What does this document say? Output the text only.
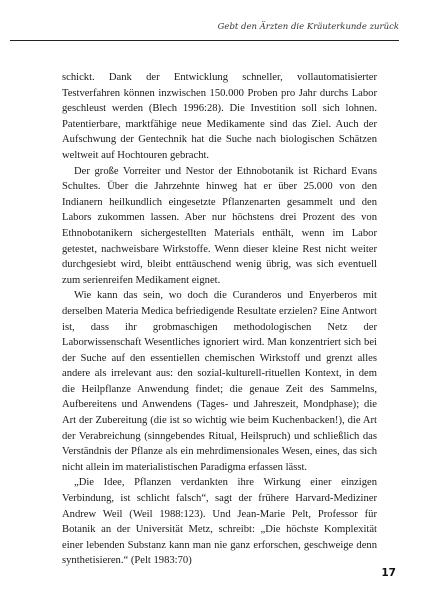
Gebt den Ärzten die Kräuterkunde zurück

schickt. Dank der Entwicklung schneller, vollautomatisierter Testverfahren können inzwischen 150.000 Proben pro Jahr durchs Labor geschleust werden (Blech 1996:28). Die Investition soll sich lohnen. Patentierbare, marktfähige neue Medikamente sind das Ziel. Auch der Aufschwung der Gentechnik hat die Suche nach biologischen Schätzen weltweit auf Hochtouren gebracht.

Der große Vorreiter und Nestor der Ethnobotanik ist Richard Evans Schultes. Über die Jahrzehnte hinweg hat er über 25.000 von den Indianern heilkundlich eingesetzte Pflanzenarten gesammelt und den Labors zukommen lassen. Aber nur höchstens drei Prozent des von Ethnobotanikern sichergestellten Materials enthält, wenn im Labor getestet, nachweisbare Wirkstoffe. Wenn dieser kleine Rest nicht weiter durchgesiebt wird, bleibt enttäuschend wenig übrig, was sich eventuell zum serienreifen Medikament eignet.

Wie kann das sein, wo doch die Curanderos und Enyerberos mit derselben Materia Medica befriedigende Resultate erzielen? Eine Antwort ist, dass ihr grobmaschigen methodologischen Netz der Laborwissenschaft Wesentliches ignoriert wird. Man konzentriert sich bei der Suche auf den essentiellen chemischen Wirkstoff und grenzt alles andere als irrelevant aus: den sozial-kulturell-rituellen Kontext, in dem die Heilpflanze Anwendung findet; die genaue Zeit des Sammelns, Aufbereitens und Anwendens (Tages- und Jahreszeit, Mondphase); die Art der Zubereitung (die ist so wichtig wie beim Kuchenbacken!), die Art der Verabreichung (sinngebendes Ritual, Heilspruch) und schließlich das Verständnis der Pflanze als ein mehrdimensionales Wesen, eines, das sich nicht allein im materialistischen Paradigma erfassen lässt.

„Die Idee, Pflanzen verdankten ihre Wirkung einer einzigen Verbindung, ist schlicht falsch“, sagt der frühere Harvard-Mediziner Andrew Weil (Weil 1988:123). Und Jean-Marie Pelt, Professor für Botanik an der Universität Metz, schreibt: „Die höchste Komplexität einer lebenden Substanz kann man nie ganz erforschen, geschweige denn synthetisieren.“ (Pelt 1983:70)

17
